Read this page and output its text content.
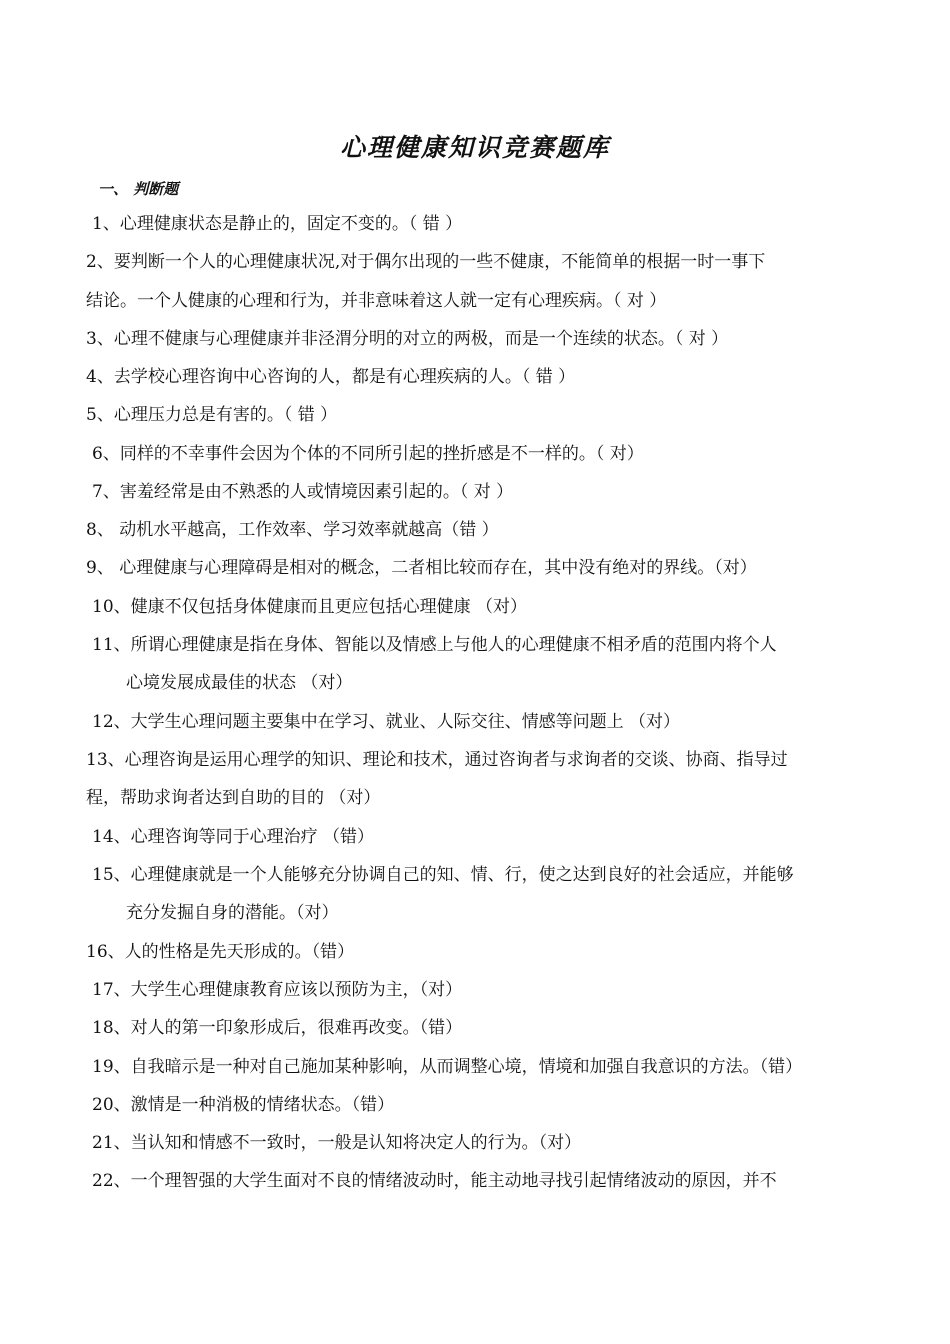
心理健康知识竞赛题库
一、 判断题
1、心理健康状态是静止的，固定不变的。（ 错 ）
2、要判断一个人的心理健康状况,对于偶尔出现的一些不健康，不能简单的根据一时一事下
结论。一个人健康的心理和行为，并非意味着这人就一定有心理疾病。（ 对 ）
3、心理不健康与心理健康并非泾渭分明的对立的两极，而是一个连续的状态。（ 对 ）
4、去学校心理咨询中心咨询的人，都是有心理疾病的人。（ 错 ）
5、心理压力总是有害的。（ 错 ）
6、同样的不幸事件会因为个体的不同所引起的挫折感是不一样的。（ 对）
7、害羞经常是由不熟悉的人或情境因素引起的。（ 对 ）
8、 动机水平越高，工作效率、学习效率就越高（错 ）
9、 心理健康与心理障碍是相对的概念，二者相比较而存在，其中没有绝对的界线。（对）
10、健康不仅包括身体健康而且更应包括心理健康 （对）
11、所谓心理健康是指在身体、智能以及情感上与他人的心理健康不相矛盾的范围内将个人
心境发展成最佳的状态 （对）
12、大学生心理问题主要集中在学习、就业、人际交往、情感等问题上 （对）
13、心理咨询是运用心理学的知识、理论和技术，通过咨询者与求询者的交谈、协商、指导过
程，帮助求询者达到自助的目的 （对）
14、心理咨询等同于心理治疗 （错）
15、心理健康就是一个人能够充分协调自己的知、情、行，使之达到良好的社会适应，并能够
充分发掘自身的潜能。（对）
16、人的性格是先天形成的。（错）
17、大学生心理健康教育应该以预防为主，（对）
18、对人的第一印象形成后，很难再改变。（错）
19、自我暗示是一种对自己施加某种影响，从而调整心境，情境和加强自我意识的方法。（错）
20、激情是一种消极的情绪状态。（错）
21、当认知和情感不一致时，一般是认知将决定人的行为。（对）
22、一个理智强的大学生面对不良的情绪波动时，能主动地寻找引起情绪波动的原因，并不
